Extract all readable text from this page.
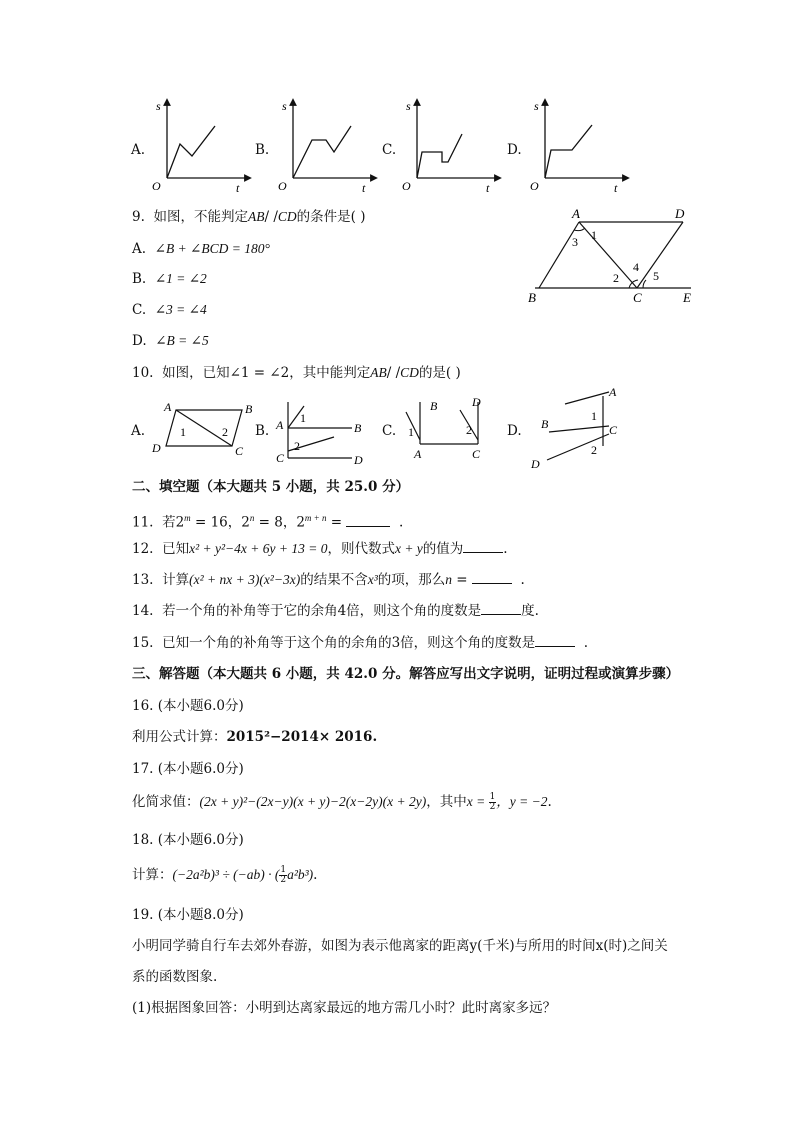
A.	B.	C.	D.
s
t
O
s
t
O
s
t
O
s
t
O
9. 如图，不能判定AB/ /CD的条件是( )
A. ∠B + ∠BCD = 180°
B. ∠1 = ∠2
C. ∠3 = ∠4
D. ∠B = ∠5
A	D
B	C	E
1
2
3
4
5
10. 如图，已知∠1 = ∠2，其中能判定AB/ /CD的是( )
A.	B.	C.	D.
A	B
C
D
1	2	A	B
C	D
1
2
B
A	C
D
1	2
A
B	C
D
1
2
二、填空题（本大题共 5 小题，共 25.0 分）
11. 若$2^m = 16$，$2^n = 8$，$2^{m + n}$ =	.
12. 已知x² + y²−4x + 6y + 13 = 0，则代数式x + y的值为	.
13. 计算(x² + nx + 3)(x²−3x)的结果不含x³的项，那么n =	.
14. 若一个角的补角等于它的余角4倍，则这个角的度数是	度.
15. 已知一个角的补角等于这个角的余角的3倍，则这个角的度数是	.
三、解答题（本大题共 6 小题，共 42.0 分。解答应写出文字说明，证明过程或演算步骤）
16. (本小题6.0分)
利用公式计算：2015²−2014× 2016.
17. (本小题6.0分)
化简求值：(2x + y)²−(2x−y)(x + y)−2(x−2y)(x + 2y)，其中$x = \frac{1}{2}$ ，y = −2.
18. (本小题6.0分)
计算：(−2a²b)³ ÷ (−ab) · ( $\frac{1}{2} a^2b^3$).
19. (本小题8.0分)
小明同学骑自行车去郊外春游，如图为表示他离家的距离y(千米)与所用的时间x(时)之间关
系的函数图象.
(1)根据图象回答：小明到达离家最远的地方需几小时？此时离家多远？
